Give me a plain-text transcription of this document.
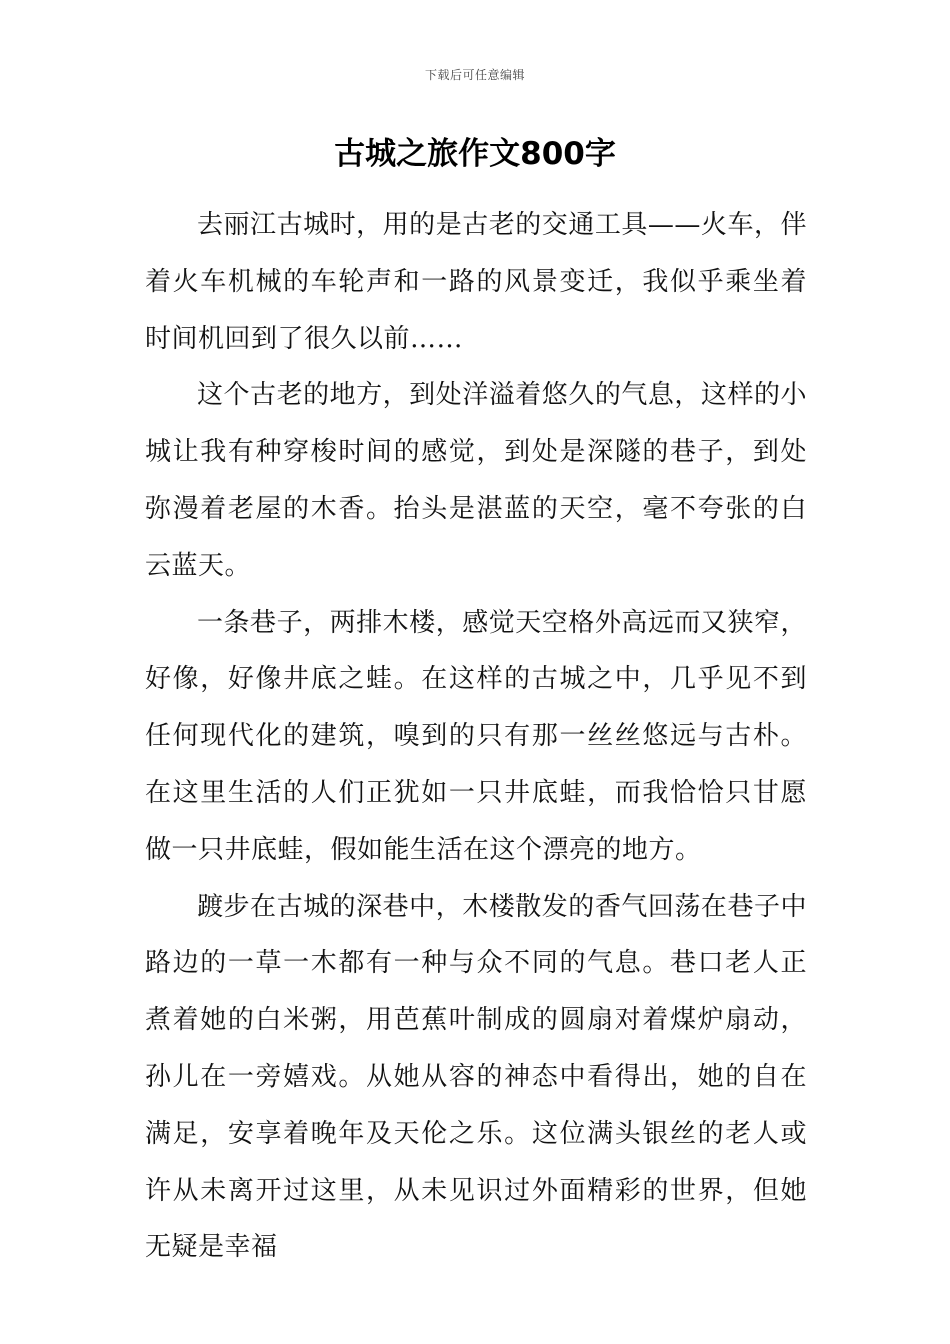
下载后可任意编辑
古城之旅作文800字

去丽江古城时，用的是古老的交通工具——火车，伴着火车机械的车轮声和一路的风景变迁，我似乎乘坐着时间机回到了很久以前……

这个古老的地方，到处洋溢着悠久的气息，这样的小城让我有种穿梭时间的感觉，到处是深隧的巷子，到处弥漫着老屋的木香。抬头是湛蓝的天空，毫不夸张的白云蓝天。

一条巷子，两排木楼，感觉天空格外高远而又狭窄，好像，好像井底之蛙。在这样的古城之中，几乎见不到任何现代化的建筑，嗅到的只有那一丝丝悠远与古朴。在这里生活的人们正犹如一只井底蛙，而我恰恰只甘愿做一只井底蛙，假如能生活在这个漂亮的地方。

踱步在古城的深巷中，木楼散发的香气回荡在巷子中路边的一草一木都有一种与众不同的气息。巷口老人正煮着她的白米粥，用芭蕉叶制成的圆扇对着煤炉扇动，孙儿在一旁嬉戏。从她从容的神态中看得出，她的自在满足，安享着晚年及天伦之乐。这位满头银丝的老人或许从未离开过这里，从未见识过外面精彩的世界，但她无疑是幸福
